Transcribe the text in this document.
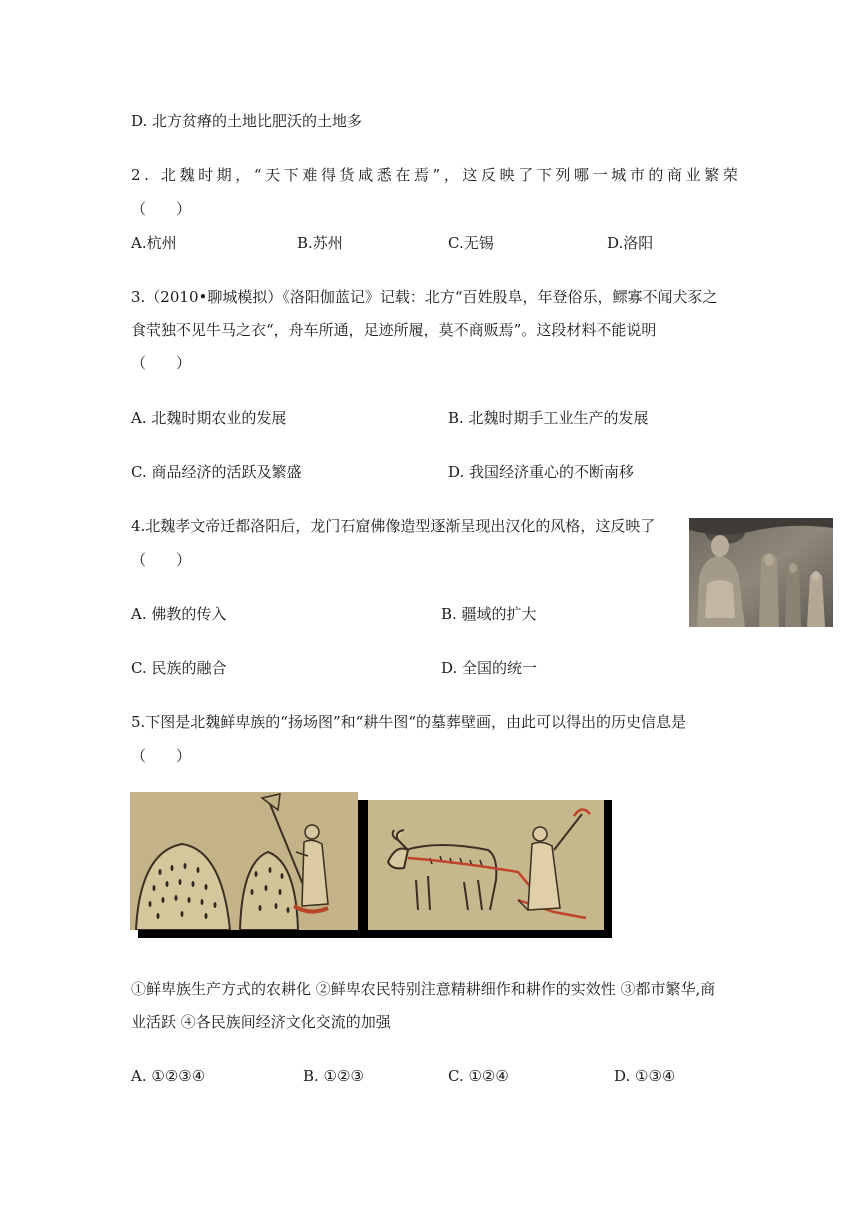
D. 北方贫瘠的土地比肥沃的土地多
2. 北魏时期，“天下难得货咸悉在焉”，这反映了下列哪一城市的商业繁荣
（　　）
A.杭州	B.苏州	C.无锡	D.洛阳
3.（2010•聊城模拟）《洛阳伽蓝记》记载：北方“百姓殷阜，年登俗乐，鳏寡不闻犬豕之
食茕独不见牛马之衣“，舟车所通，足迹所履，莫不商贩焉”。这段材料不能说明
（　　）
A. 北魏时期农业的发展	B. 北魏时期手工业生产的发展
C. 商品经济的活跃及繁盛	D. 我国经济重心的不断南移
4.北魏孝文帝迁都洛阳后，龙门石窟佛像造型逐渐呈现出汉化的风格，这反映了
（　　）
A. 佛教的传入	B. 疆域的扩大
C. 民族的融合	D. 全国的统一
5.下图是北魏鲜卑族的“扬场图”和“耕牛图“的墓葬壁画，由此可以得出的历史信息是
（　　）
①鲜卑族生产方式的农耕化 ②鲜卑农民特别注意精耕细作和耕作的实效性 ③都市繁华,商
业活跃 ④各民族间经济文化交流的加强
A. ①②③④	B. ①②③	C. ①②④	D. ①③④
